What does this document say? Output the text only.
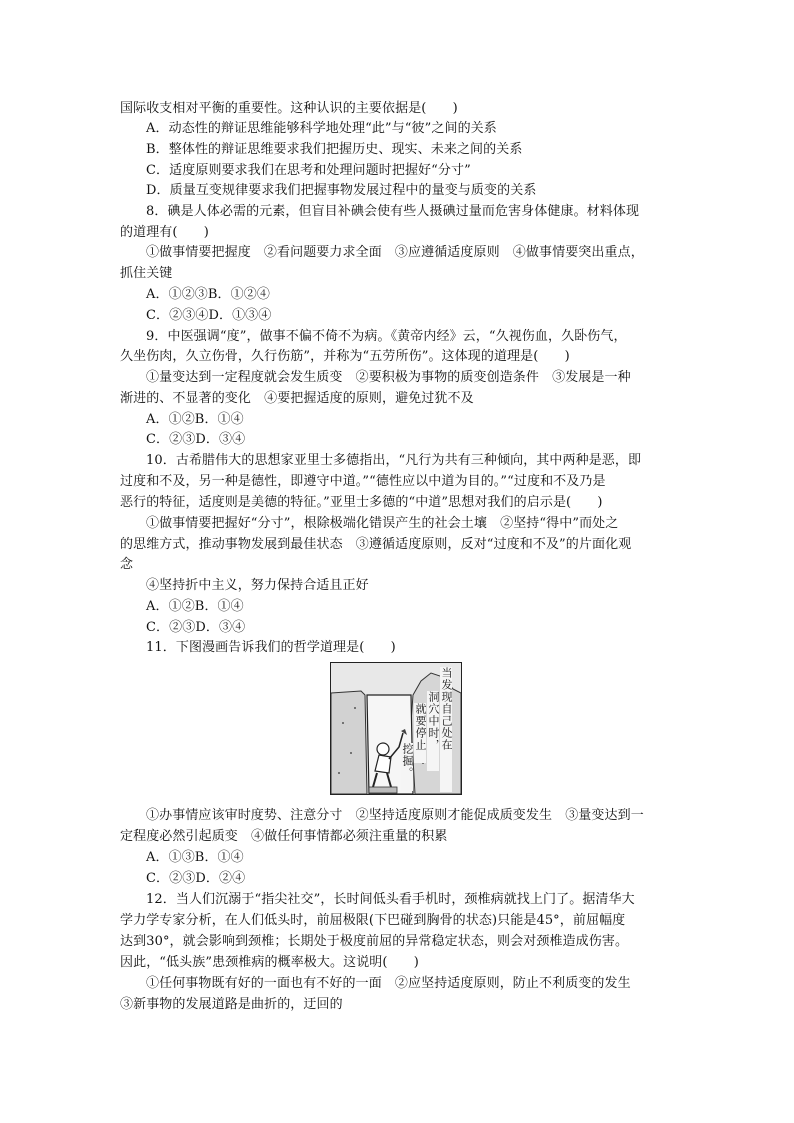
国际收支相对平衡的重要性。这种认识的主要依据是(　　)
A．动态性的辩证思维能够科学地处理“此”与“彼”之间的关系
B．整体性的辩证思维要求我们把握历史、现实、未来之间的关系
C．适度原则要求我们在思考和处理问题时把握好“分寸”
D．质量互变规律要求我们把握事物发展过程中的量变与质变的关系
8．碘是人体必需的元素，但盲目补碘会使有些人摄碘过量而危害身体健康。材料体现
的道理有(　　)
①做事情要把握度　②看问题要力求全面　③应遵循适度原则　④做事情要突出重点，
抓住关键
A．①②③B．①②④
C．②③④D．①③④
9．中医强调“度”，做事不偏不倚不为病。《黄帝内经》云，“久视伤血，久卧伤气，
久坐伤肉，久立伤骨，久行伤筋”，并称为“五劳所伤”。这体现的道理是(　　)
①量变达到一定程度就会发生质变　②要积极为事物的质变创造条件　③发展是一种
渐进的、不显著的变化　④要把握适度的原则，避免过犹不及
A．①②B．①④
C．②③D．③④
10．古希腊伟大的思想家亚里士多德指出，“凡行为共有三种倾向，其中两种是恶，即
过度和不及，另一种是德性，即遵守中道。”“德性应以中道为目的。”“过度和不及乃是
恶行的特征，适度则是美德的特征。”亚里士多德的“中道”思想对我们的启示是(　　)
①做事情要把握好“分寸”，根除极端化错误产生的社会土壤　②坚持“得中”而处之
的思维方式，推动事物发展到最佳状态　③遵循适度原则，反对“过度和不及”的片面化观
念
④坚持折中主义，努力保持合适且正好
A．①②B．①④
C．②③D．③④
11．下图漫画告诉我们的哲学道理是(　　)
当发现自己处在
洞穴中时，
就要停止
挖掘。
①办事情应该审时度势、注意分寸　②坚持适度原则才能促成质变发生　③量变达到一
定程度必然引起质变　④做任何事情都必须注重量的积累
A．①③B．①④
C．②③D．②④
12．当人们沉溺于“指尖社交”，长时间低头看手机时，颈椎病就找上门了。据清华大
学力学专家分析，在人们低头时，前屈极限(下巴碰到胸骨的状态)只能是45°，前屈幅度
达到30°，就会影响到颈椎；长期处于极度前屈的异常稳定状态，则会对颈椎造成伤害。
因此，“低头族”患颈椎病的概率极大。这说明(　　)
①任何事物既有好的一面也有不好的一面　②应坚持适度原则，防止不利质变的发生
③新事物的发展道路是曲折的，迂回的
